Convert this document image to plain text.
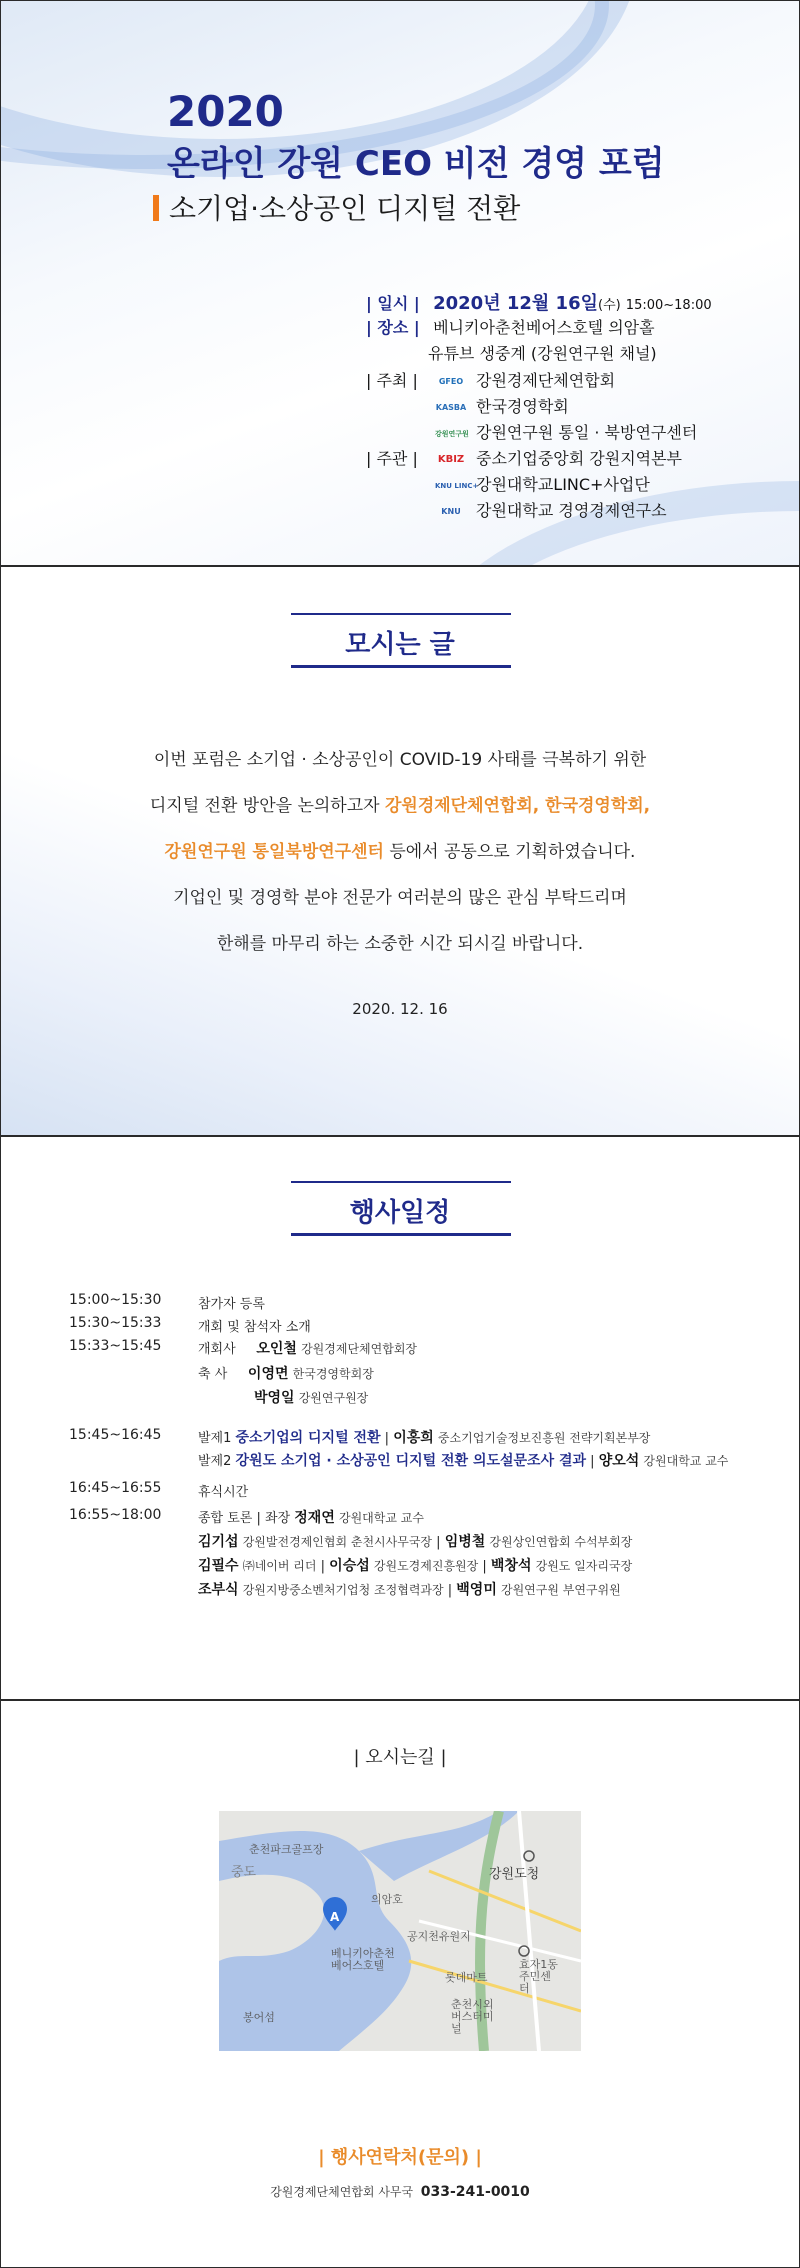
2020

온라인 강원 CEO 비전 경영 포럼

소기업·소상공인 디지털 전환

| 일시 | 2020년 12월 16일(수) 15:00~18:00
| 장소 | 베니키아춘천베어스호텔 의암홀
유튜브 생중계 (강원연구원 채널)
| 주최 |	GFEO 강원경제단체연합회
KASBA 한국경영학회
강원연구원 강원연구원 통일 · 북방연구센터
| 주관 | KBIZ 중소기업중앙회 강원지역본부
KNU LINC+강원대학교LINC+사업단
KNU 강원대학교 경영경제연구소

모시는 글

이번 포럼은 소기업 · 소상공인이 COVID-19 사태를 극복하기 위한

디지털 전환 방안을 논의하고자 강원경제단체연합회, 한국경영학회,

강원연구원 통일북방연구센터 등에서 공동으로 기획하였습니다.

기업인 및 경영학 분야 전문가 여러분의 많은 관심 부탁드리며

한해를 마무리 하는 소중한 시간 되시길 바랍니다.

2020. 12. 16

행사일정

15:00~15:30	참가자 등록
15:30~15:33	개회 및 참석자 소개
15:33~15:45	개회사 오인철 강원경제단체연합회장
축 사 이영면 한국경영학회장
박영일 강원연구원장
15:45~16:45	발제1 중소기업의 디지털 전환 | 이홍희 중소기업기술정보진흥원 전략기획본부장
발제2 강원도 소기업 · 소상공인 디지털 전환 의도설문조사 결과 | 양오석 강원대학교 교수
16:45~16:55	휴식시간
16:55~18:00	종합 토론 | 좌장 정재연 강원대학교 교수
김기섭 강원발전경제인협회 춘천시사무국장 | 임병철 강원상인연합회 수석부회장
김필수 ㈜네이버 리더 | 이승섭 강원도경제진흥원장 | 백창석 강원도 일자리국장
조부식 강원지방중소벤처기업청 조정협력과장 | 백영미 강원연구원 부연구위원

| 오시는길 |

춘천파크골프장
중도
의암호
강원도청
공지천유원지
베니키아춘천 베어스호텔	효자1동 주민센터
롯데마트
춘천시외 버스터미널
봉어섬
A

| 행사연락처(문의) |

강원경제단체연합회 사무국 033-241-0010
